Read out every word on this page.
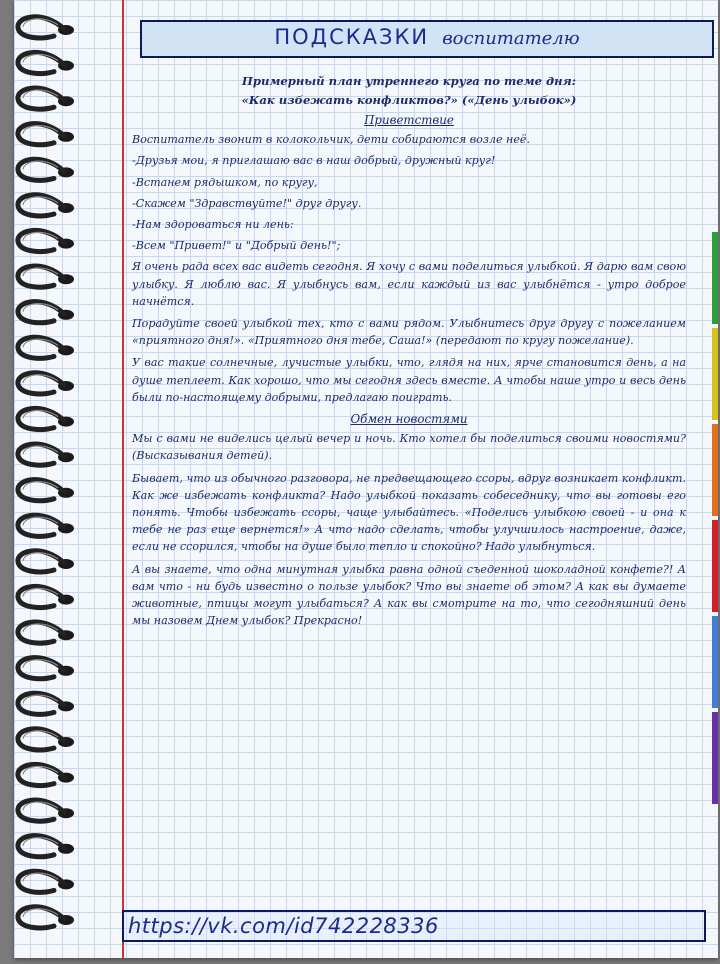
ПОДСКАЗКИ воспитателю
Примерный план утреннего круга по теме дня:
«Как избежать конфликтов?» («День улыбок»)
Приветствие
Воспитатель звонит в колокольчик, дети собираются возле неё.
-Друзья мои, я приглашаю вас в наш добрый, дружный круг!
-Встанем рядышком, по кругу,
-Скажем "Здравствуйте!" друг другу.
-Нам здороваться ни лень:
-Всем "Привет!" и "Добрый день!";
Я очень рада всех вас видеть сегодня. Я хочу с вами поделиться улыбкой. Я дарю вам свою улыбку. Я люблю вас. Я улыбнусь вам, если каждый из вас улыбнётся - утро доброе начнётся.
Порадуйте своей улыбкой тех, кто с вами рядом. Улыбнитесь друг другу с пожеланием «приятного дня!». «Приятного дня тебе, Саша!» (передают по кругу пожелание).
У вас такие солнечные, лучистые улыбки, что, глядя на них, ярче становится день, а на душе теплеет. Как хорошо, что мы сегодня здесь вместе. А чтобы наше утро и весь день были по-настоящему добрыми, предлагаю поиграть.
Обмен новостями
Мы с вами не виделись целый вечер и ночь. Кто хотел бы поделиться своими новостями? (Высказывания детей).
Бывает, что из обычного разговора, не предвещающего ссоры, вдруг возникает конфликт. Как же избежать конфликта? Надо улыбкой показать собеседнику, что вы готовы его понять. Чтобы избежать ссоры, чаще улыбайтесь. «Поделись улыбкою своей - и она к тебе не раз еще вернется!» А что надо сделать, чтобы улучшилось настроение, даже, если не ссорился, чтобы на душе было тепло и спокойно? Надо улыбнуться.
А вы знаете, что одна минутная улыбка равна одной съеденной шоколадной конфете?! А вам что - ни будь известно о пользе улыбок? Что вы знаете об этом? А как вы думаете животные, птицы могут улыбаться? А как вы смотрите на то, что сегодняшний день мы назовем Днем улыбок? Прекрасно!
https://vk.com/id742228336
